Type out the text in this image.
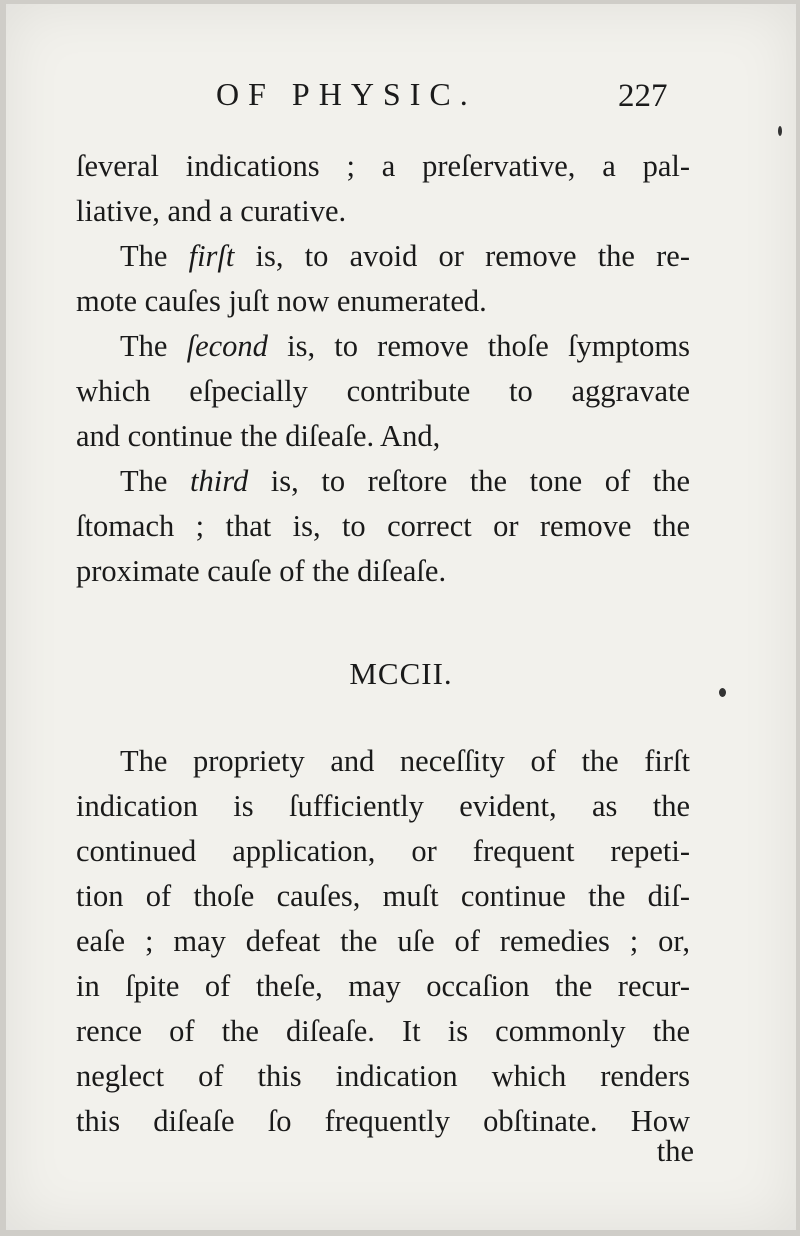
OF PHYSIC.	227

ſeveral indications ; a preſervative, a pal-
liative, and a curative.

The firſt is, to avoid or remove the re-
mote cauſes juſt now enumerated.

The ſecond is, to remove thoſe ſymptoms
which eſpecially contribute to aggravate
and continue the diſeaſe. And,

The third is, to reſtore the tone of the
ſtomach ; that is, to correct or remove the
proximate cauſe of the diſeaſe.

MCCII.

The propriety and neceſſity of the firſt
indication is ſufficiently evident, as the
continued application, or frequent repeti-
tion of thoſe cauſes, muſt continue the diſ-
eaſe ; may defeat the uſe of remedies ; or,
in ſpite of theſe, may occaſion the recur-
rence of the diſeaſe. It is commonly the
neglect of this indication which renders
this diſeaſe ſo frequently obſtinate. How

the
